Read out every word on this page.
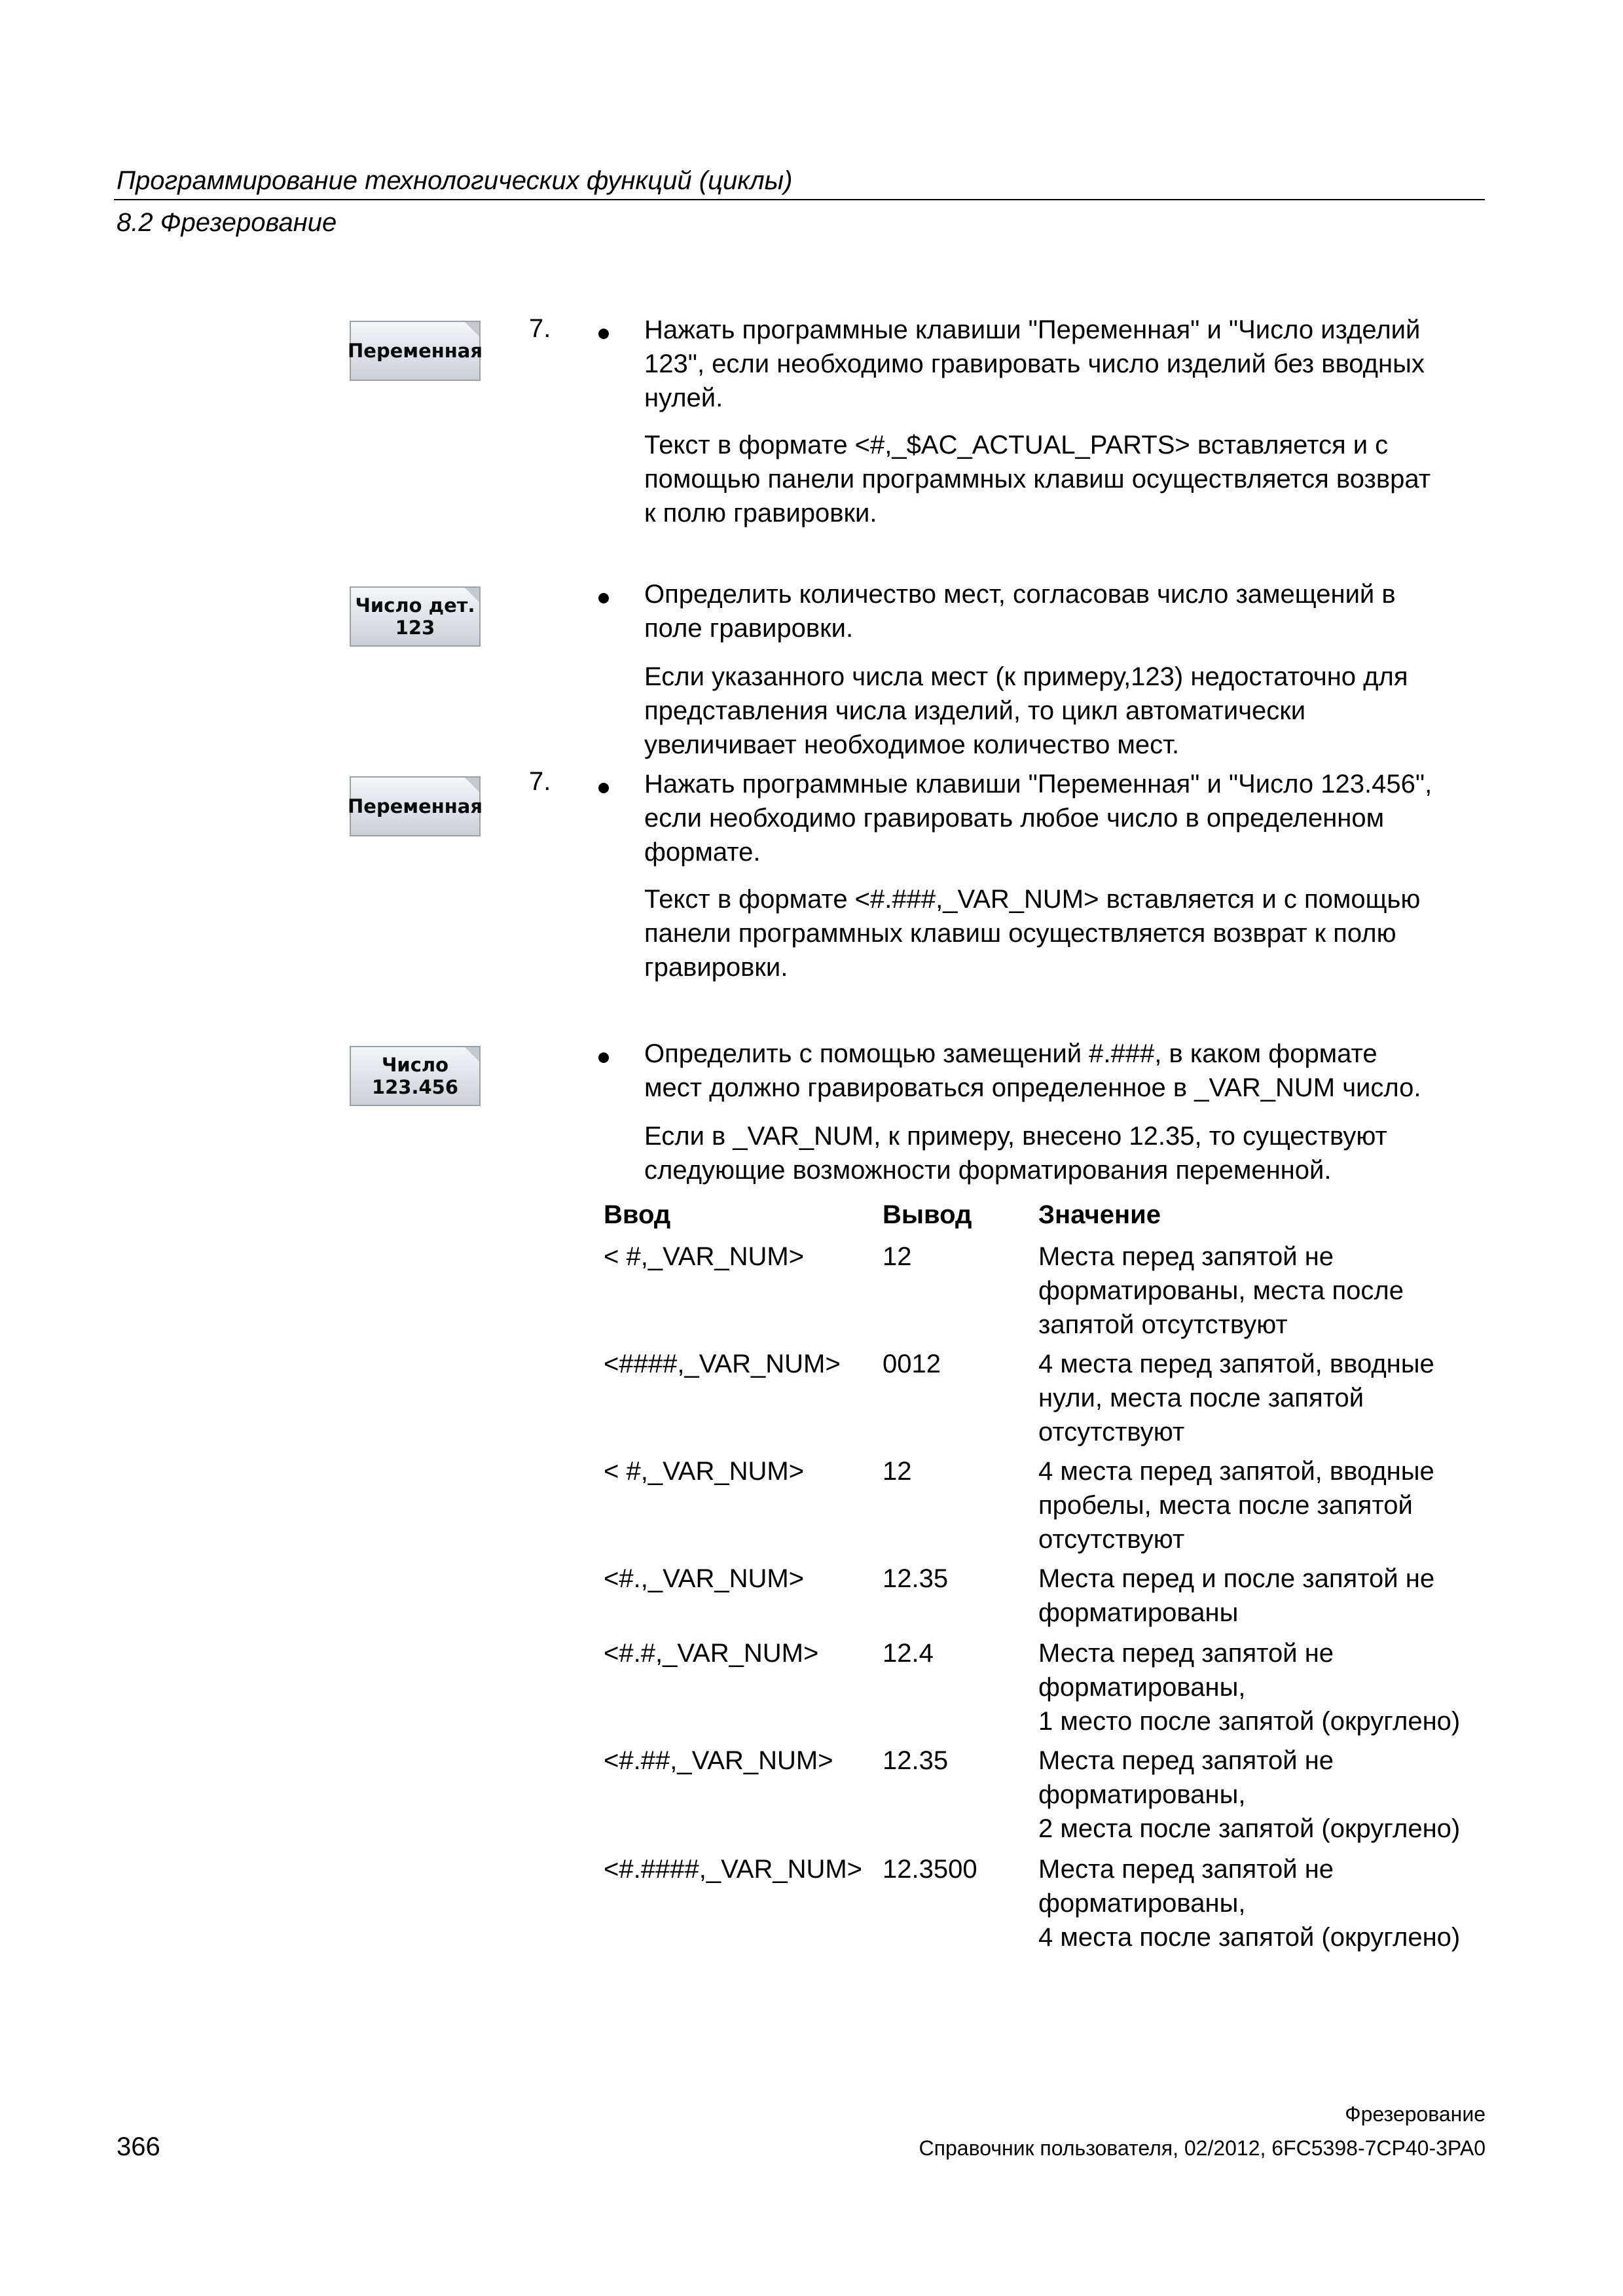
Программирование технологических функций (циклы)
8.2 Фрезерование
Переменная
Число дет.
123
Переменная
Число
123.456
7.	Нажать программные клавиши "Переменная" и "Число изделий

123", если необходимо гравировать число изделий без вводных

нулей.

Текст в формате <#,_$AC_ACTUAL_PARTS> вставляется и с

помощью панели программных клавиш осуществляется возврат

к полю гравировки.

Определить количество мест, согласовав число замещений в

поле гравировки.

Если указанного числа мест (к примеру,123) недостаточно для

представления числа изделий, то цикл автоматически

увеличивает необходимое количество мест.

7.	Нажать программные клавиши "Переменная" и "Число 123.456",

если необходимо гравировать любое число в определенном

формате.

Текст в формате <#.###,_VAR_NUM> вставляется и с помощью

панели программных клавиш осуществляется возврат к полю

гравировки.

Определить с помощью замещений #.###, в каком формате

мест должно гравироваться определенное в _VAR_NUM число.

Если в _VAR_NUM, к примеру, внесено 12.35, то существуют

следующие возможности форматирования переменной.

Ввод	Вывод	Значение
< #,_VAR_NUM>	12	Места перед запятой не

форматированы, места после

запятой отсутствуют

<####,_VAR_NUM> 0012	4 места перед запятой, вводные

нули, места после запятой

отсутствуют

< #,_VAR_NUM>	12	4 места перед запятой, вводные

пробелы, места после запятой

отсутствуют

<#.,_VAR_NUM>	12.35	Места перед и после запятой не

форматированы

<#.#,_VAR_NUM> 12.4	Места перед запятой не

форматированы,

1 место после запятой (округлено)

<#.##,_VAR_NUM> 12.35	Места перед запятой не

форматированы,

2 места после запятой (округлено)

<#.####,_VAR_NUM> 12.3500 Места перед запятой не

форматированы,

4 места после запятой (округлено)

Фрезерование
366	Справочник пользователя, 02/2012, 6FC5398-7CP40-3PA0
